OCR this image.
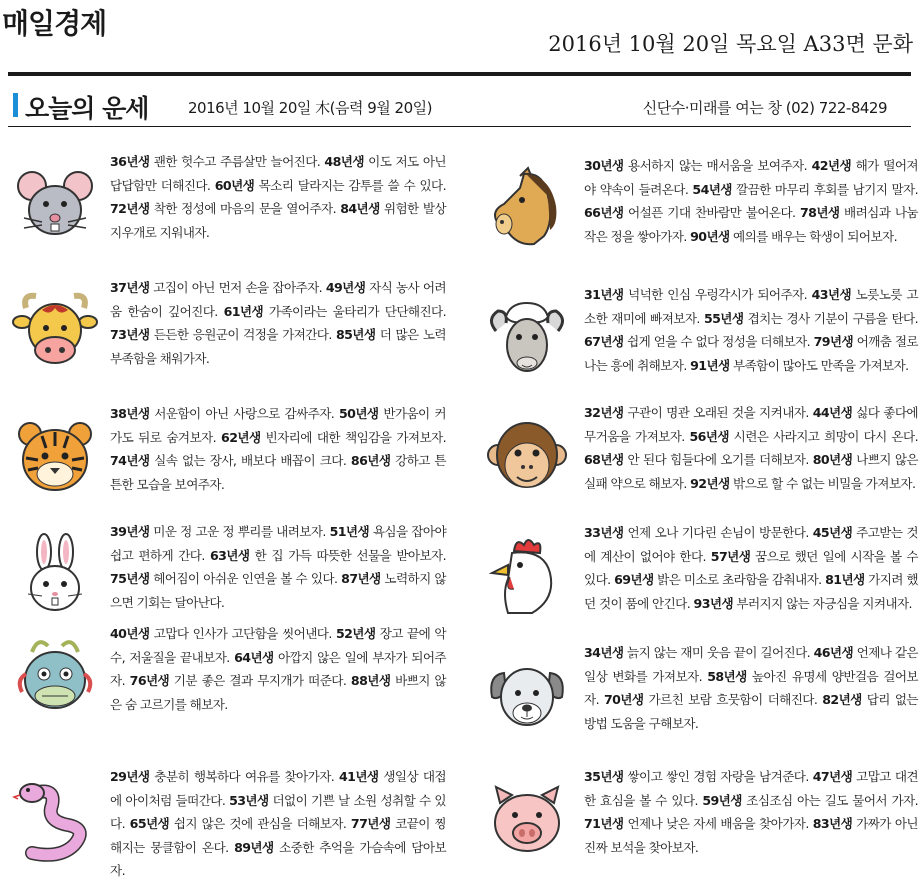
매일경제
2016년 10월 20일 목요일 A33면 문화
오늘의 운세	2016년 10월 20일 木(음력 9월 20일)	신단수·미래를 여는 창 (02) 722-8429

36년생 괜한 헛수고 주름살만 늘어진다. 48년생 이도 저도 아닌 답답함만 더해진다. 60년생 목소리 달라지는 감투를 쓸 수 있다. 72년생 착한 정성에 마음의 문을 열어주자. 84년생 위험한 발상 지우개로 지워내자.

37년생 고집이 아닌 먼저 손을 잡아주자. 49년생 자식 농사 어려움 한숨이 깊어진다. 61년생 가족이라는 울타리가 단단해진다. 73년생 든든한 응원군이 걱정을 가져간다. 85년생 더 많은 노력 부족함을 채워가자.

38년생 서운함이 아닌 사랑으로 감싸주자. 50년생 반가움이 커가도 뒤로 숨겨보자. 62년생 빈자리에 대한 책임감을 가져보자. 74년생 실속 없는 장사, 배보다 배꼽이 크다. 86년생 강하고 튼튼한 모습을 보여주자.

39년생 미운 정 고운 정 뿌리를 내려보자. 51년생 욕심을 잡아야 쉽고 편하게 간다. 63년생 한 집 가득 따뜻한 선물을 받아보자. 75년생 헤어짐이 아쉬운 인연을 볼 수 있다. 87년생 노력하지 않으면 기회는 달아난다.

40년생 고맙다 인사가 고단함을 씻어낸다. 52년생 장고 끝에 악수, 저울질을 끝내보자. 64년생 아깝지 않은 일에 부자가 되어주자. 76년생 기분 좋은 결과 무지개가 떠준다. 88년생 바쁘지 않은 숨 고르기를 해보자.

29년생 충분히 행복하다 여유를 찾아가자. 41년생 생일상 대접에 아이처럼 들떠간다. 53년생 더없이 기쁜 날 소원 성취할 수 있다. 65년생 쉽지 않은 것에 관심을 더해보자. 77년생 코끝이 찡해지는 뭉클함이 온다. 89년생 소중한 추억을 가슴속에 담아보자.

30년생 용서하지 않는 매서움을 보여주자. 42년생 해가 떨어져야 약속이 들려온다. 54년생 깔끔한 마무리 후회를 남기지 말자. 66년생 어설픈 기대 찬바람만 불어온다. 78년생 배려심과 나눔 작은 정을 쌓아가자. 90년생 예의를 배우는 학생이 되어보자.

31년생 넉넉한 인심 우렁각시가 되어주자. 43년생 노릇노릇 고소한 재미에 빠져보자. 55년생 겹치는 경사 기분이 구름을 탄다. 67년생 쉽게 얻을 수 없다 정성을 더해보자. 79년생 어깨춤 절로 나는 흥에 취해보자. 91년생 부족함이 많아도 만족을 가져보자.

32년생 구관이 명관 오래된 것을 지켜내자. 44년생 싫다 좋다에 무거움을 가져보자. 56년생 시련은 사라지고 희망이 다시 온다. 68년생 안 된다 힘들다에 오기를 더해보자. 80년생 나쁘지 않은 실패 약으로 해보자. 92년생 밖으로 할 수 없는 비밀을 가져보자.

33년생 언제 오나 기다린 손님이 방문한다. 45년생 주고받는 것에 계산이 없어야 한다. 57년생 꿈으로 했던 일에 시작을 볼 수 있다. 69년생 밝은 미소로 초라함을 감춰내자. 81년생 가지려 했던 것이 품에 안긴다. 93년생 부러지지 않는 자긍심을 지켜내자.

34년생 늙지 않는 재미 웃음 끝이 길어진다. 46년생 언제나 같은 일상 변화를 가져보자. 58년생 높아진 유명세 양반걸음 걸어보자. 70년생 가르친 보람 흐뭇함이 더해진다. 82년생 답리 없는 방법 도움을 구해보자.

35년생 쌓이고 쌓인 경험 자랑을 남겨준다. 47년생 고맙고 대견한 효심을 볼 수 있다. 59년생 조심조심 아는 길도 물어서 가자. 71년생 언제나 낮은 자세 배움을 찾아가자. 83년생 가짜가 아닌 진짜 보석을 찾아보자.
